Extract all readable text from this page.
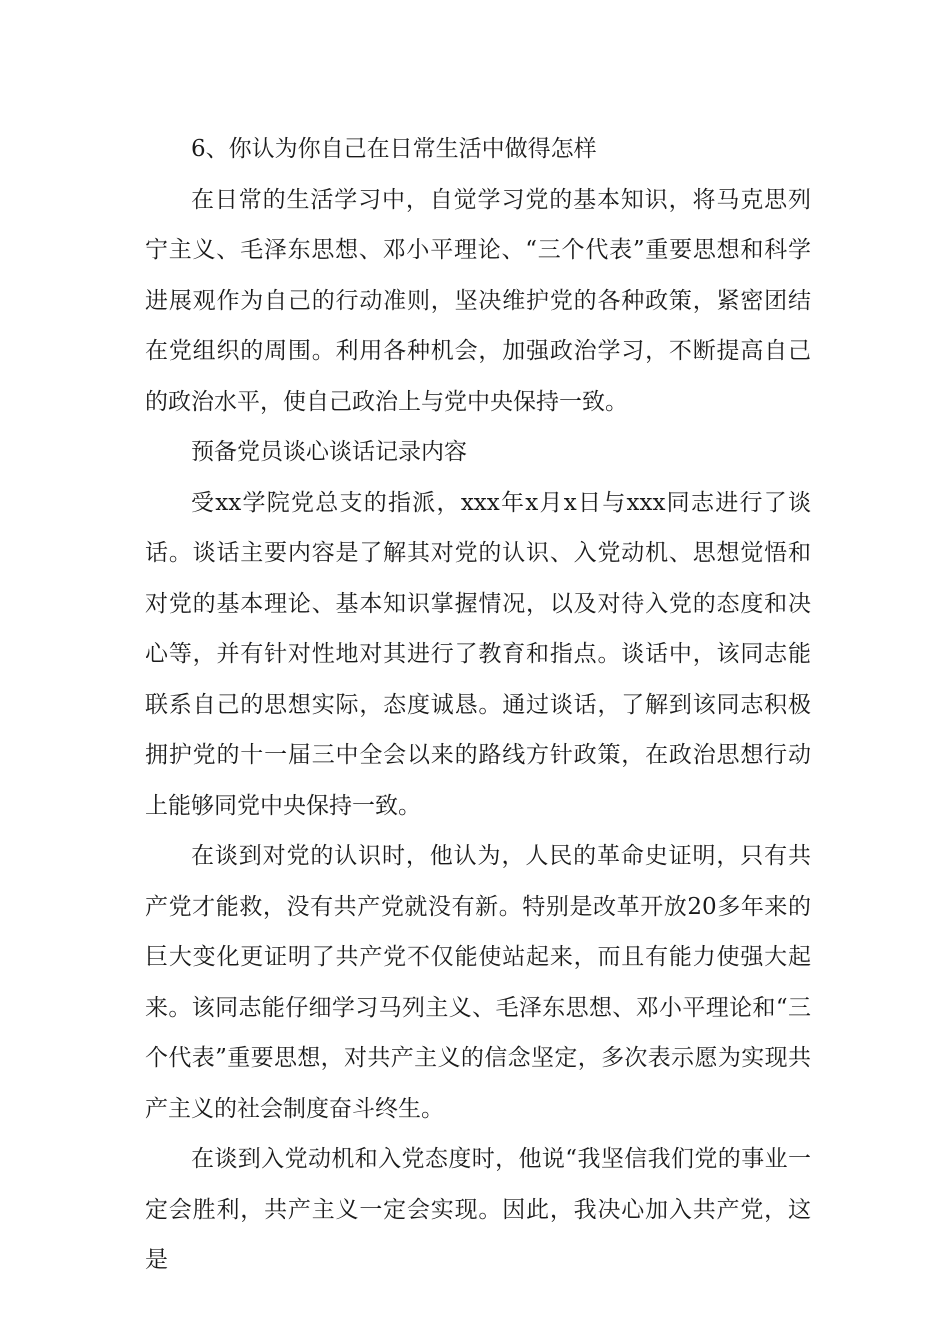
6、你认为你自己在日常生活中做得怎样

在日常的生活学习中，自觉学习党的基本知识，将马克思列宁主义、毛泽东思想、邓小平理论、“三个代表”重要思想和科学进展观作为自己的行动准则，坚决维护党的各种政策，紧密团结在党组织的周围。利用各种机会，加强政治学习，不断提高自己的政治水平，使自己政治上与党中央保持一致。

预备党员谈心谈话记录内容

受xx学院党总支的指派，xxx年x月x日与xxx同志进行了谈话。谈话主要内容是了解其对党的认识、入党动机、思想觉悟和对党的基本理论、基本知识掌握情况，以及对待入党的态度和决心等，并有针对性地对其进行了教育和指点。谈话中，该同志能联系自己的思想实际，态度诚恳。通过谈话，了解到该同志积极拥护党的十一届三中全会以来的路线方针政策，在政治思想行动上能够同党中央保持一致。

在谈到对党的认识时，他认为，人民的革命史证明，只有共产党才能救，没有共产党就没有新。特别是改革开放20多年来的巨大变化更证明了共产党不仅能使站起来，而且有能力使强大起来。该同志能仔细学习马列主义、毛泽东思想、邓小平理论和“三个代表”重要思想，对共产主义的信念坚定，多次表示愿为实现共产主义的社会制度奋斗终生。

在谈到入党动机和入党态度时，他说“我坚信我们党的事业一定会胜利，共产主义一定会实现。因此，我决心加入共产党，这是
